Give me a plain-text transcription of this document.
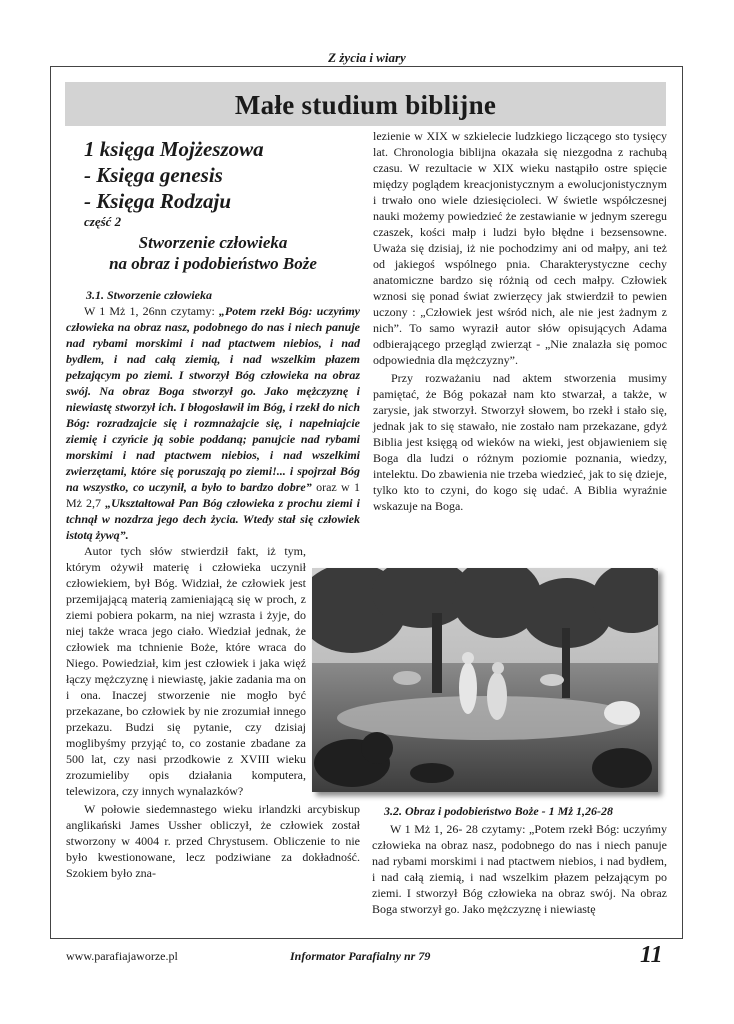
Z życia i wiary
Małe studium biblijne
1 księga Mojżeszowa
- Księga genesis
- Księga Rodzaju
część 2
Stworzenie człowieka
na obraz i podobieństwo Boże
3.1. Stworzenie człowieka

W 1 Mż 1, 26nn czytamy: „Potem rzekł Bóg: uczyńmy człowieka na obraz nasz, podobnego do nas i niech panuje nad rybami morskimi i nad ptactwem niebios, i nad bydłem, i nad całą ziemią, i nad wszelkim płazem pełzającym po ziemi. I stworzył Bóg człowieka na obraz swój. Na obraz Boga stworzył go. Jako mężczyznę i niewiastę stworzył ich. I błogosławił im Bóg, i rzekł do nich Bóg: rozradzajcie się i rozmnażajcie się, i napełniajcie ziemię i czyńcie ją sobie poddaną; panujcie nad rybami morskimi i nad ptactwem niebios, i nad wszelkimi zwierzętami, które się poruszają po ziemi!... i spojrzał Bóg na wszystko, co uczynił, a było to bardzo dobre” oraz w 1 Mż 2,7 „Ukształtował Pan Bóg człowieka z prochu ziemi i tchnął w nozdrza jego dech życia. Wtedy stał się człowiek istotą żywą”.

Autor tych słów stwierdził fakt, iż tym, którym ożywił materię i człowieka uczynił człowiekiem, był Bóg. Widział, że człowiek jest przemijającą materią zamieniającą się w proch, z ziemi pobiera pokarm, na niej wzrasta i żyje, do niej także wraca jego ciało. Wiedział jednak, że człowiek ma tchnienie Boże, które wraca do Niego. Powiedział, kim jest człowiek i jaka więź łączy mężczyznę i niewiastę, jakie zadania ma on i ona. Inaczej stworzenie nie mogło być przekazane, bo człowiek by nie zrozumiał innego przekazu. Budzi się pytanie, czy dzisiaj moglibyśmy przyjąć to, co zostanie zbadane za 500 lat, czy nasi przodkowie z XVIII wieku zrozumieliby opis działania komputera, telewizora, czy innych wynalazków?

W połowie siedemnastego wieku irlandzki arcybiskup anglikański James Ussher obliczył, że człowiek został stworzony w 4004 r. przed Chrystusem. Obliczenie to nie było kwestionowane, lecz podziwiane za dokładność. Szokiem było zna-

lezienie w XIX w szkielecie ludzkiego liczącego sto tysięcy lat. Chronologia biblijna okazała się niezgodna z rachubą czasu. W rezultacie w XIX wieku nastąpiło ostre spięcie między poglądem kreacjonistycznym a ewolucjonistycznym i trwało ono wiele dziesięcioleci. W świetle współczesnej nauki możemy powiedzieć że zestawianie w jednym szeregu czaszek, kości małp i ludzi było błędne i bezsensowne. Uważa się dzisiaj, iż nie pochodzimy ani od małpy, ani też od jakiegoś wspólnego pnia. Charakterystyczne cechy anatomiczne bardzo się różnią od cech małpy. Człowiek wznosi się ponad świat zwierzęcy jak stwierdził to pewien uczony : „Człowiek jest wśród nich, ale nie jest żadnym z nich”. To samo wyraził autor słów opisujących Adama odbierającego przegląd zwierząt - „Nie znalazła się pomoc odpowiednia dla mężczyzny”.

Przy rozważaniu nad aktem stworzenia musimy pamiętać, że Bóg pokazał nam kto stwarzał, a także, w zarysie, jak stworzył. Stworzył słowem, bo rzekł i stało się, jednak jak to się stawało, nie zostało nam przekazane, gdyż Biblia jest księgą od wieków na wieki, jest objawieniem się Boga dla ludzi o różnym poziomie poznania, wiedzy, intelektu. Do zbawienia nie trzeba wiedzieć, jak to się dzieje, tylko kto to czyni, do kogo się udać. A Biblia wyraźnie wskazuje na Boga.

3.2. Obraz i podobieństwo Boże - 1 Mż 1,26-28

W 1 Mż 1, 26- 28 czytamy: „Potem rzekł Bóg: uczyńmy człowieka na obraz nasz, podobnego do nas i niech panuje nad rybami morskimi i nad ptactwem niebios, i nad bydłem, i nad całą ziemią, i nad wszelkim płazem pełzającym po ziemi. I stworzył Bóg człowieka na obraz swój. Na obraz Boga stworzył go. Jako mężczyznę i niewiastę

www.parafiajaworze.pl	Informator Parafialny nr 79	11
